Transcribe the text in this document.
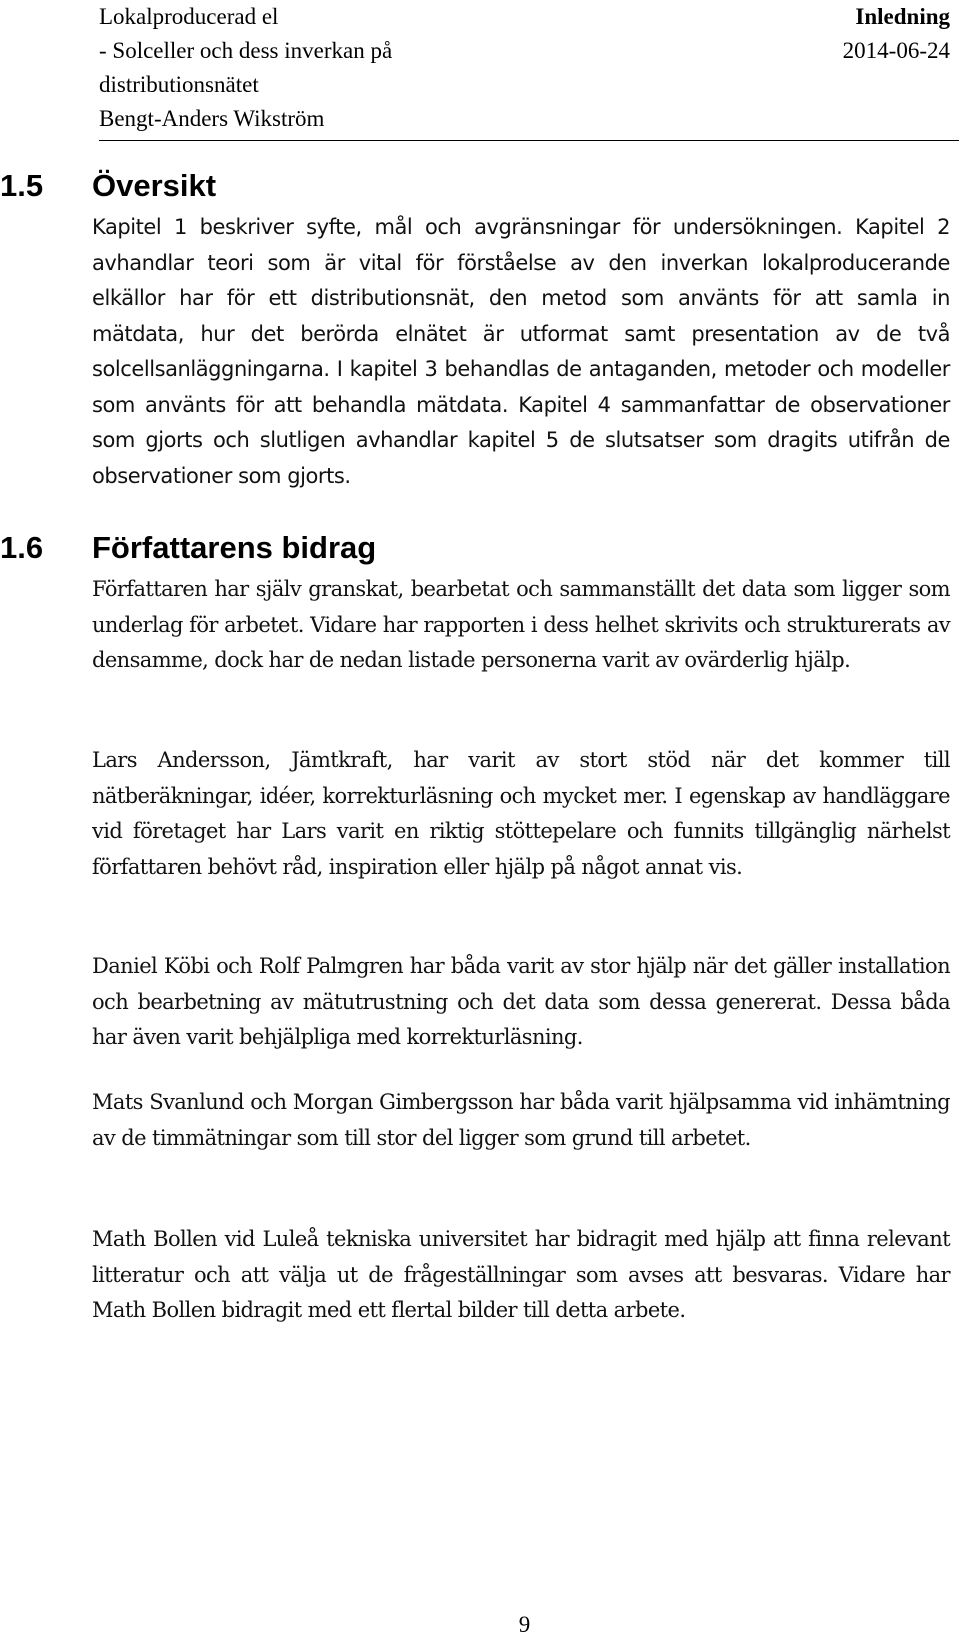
Lokalproducerad el
- Solceller och dess inverkan på
distributionsnätet
Bengt-Anders Wikström
Inledning
2014-06-24
1.5 Översikt

Kapitel 1 beskriver syfte, mål och avgränsningar för undersökningen. Kapitel 2 avhandlar teori som är vital för förståelse av den inverkan lokalproducerande elkällor har för ett distributionsnät, den metod som använts för att samla in mätdata, hur det berörda elnätet är utformat samt presentation av de två solcellsanläggningarna. I kapitel 3 behandlas de antaganden, metoder och modeller som använts för att behandla mätdata. Kapitel 4 sammanfattar de observationer som gjorts och slutligen avhandlar kapitel 5 de slutsatser som dragits utifrån de observationer som gjorts.

1.6 Författarens bidrag

Författaren har själv granskat, bearbetat och sammanställt det data som ligger som underlag för arbetet. Vidare har rapporten i dess helhet skrivits och strukturerats av densamme, dock har de nedan listade personerna varit av ovärderlig hjälp.

Lars Andersson, Jämtkraft, har varit av stort stöd när det kommer till nätberäkningar, idéer, korrekturläsning och mycket mer. I egenskap av handläggare vid företaget har Lars varit en riktig stöttepelare och funnits tillgänglig närhelst författaren behövt råd, inspiration eller hjälp på något annat vis.

Daniel Köbi och Rolf Palmgren har båda varit av stor hjälp när det gäller installation och bearbetning av mätutrustning och det data som dessa genererat. Dessa båda har även varit behjälpliga med korrekturläsning.

Mats Svanlund och Morgan Gimbergsson har båda varit hjälpsamma vid inhämtning av de timmätningar som till stor del ligger som grund till arbetet.

Math Bollen vid Luleå tekniska universitet har bidragit med hjälp att finna relevant litteratur och att välja ut de frågeställningar som avses att besvaras. Vidare har Math Bollen bidragit med ett flertal bilder till detta arbete.

9
